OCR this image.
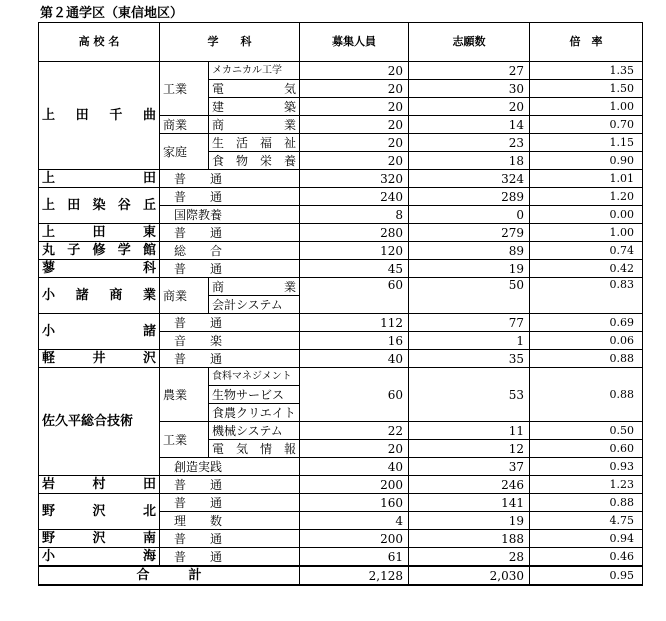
第２通学区（東信地区）
高 校 名	学　　科		募集人員	志願数	倍　率
上　田　千　曲	工業	メカニカル工学	20	27	1.35
		電　　気	20	30	1.50
		建　　築	20	20	1.00
	商業	商　　業	20	14	0.70
	家庭	生活福祉	20	23	1.15
		食物栄養	20	18	0.90
上　　　　田	普　　通		320	324	1.01
上 田 染 谷 丘	普　　通		240	289	1.20
	国際教養		8	0	0.00
上　田　東	普　　通		280	279	1.00
丸子修学館	総　　合		120	89	0.74
蓼　　　科	普　　通		45	19	0.42
小　諸　商　業	商業	商　　業	60	50	0.83
		会計システム			
小　　　諸	普　　通		112	77	0.69
	音　　楽		16	1	0.06
軽　井　沢	普　　通		40	35	0.88
佐久平総合技術	農業	食料マネジメント	60	53	0.88
		生物サービス			
		食農クリエイト			
	工業	機械システム	22	11	0.50
		電気情報	20	12	0.60
	創造実践		40	37	0.93
岩　村　田	普　　通		200	246	1.23
野　沢　北	普　　通		160	141	0.88
	理　　数		4	19	4.75
野　沢　南	普　　通		200	188	0.94
小　　　海	普　　通		61	28	0.46
合　　　計			2,128	2,030	0.95
